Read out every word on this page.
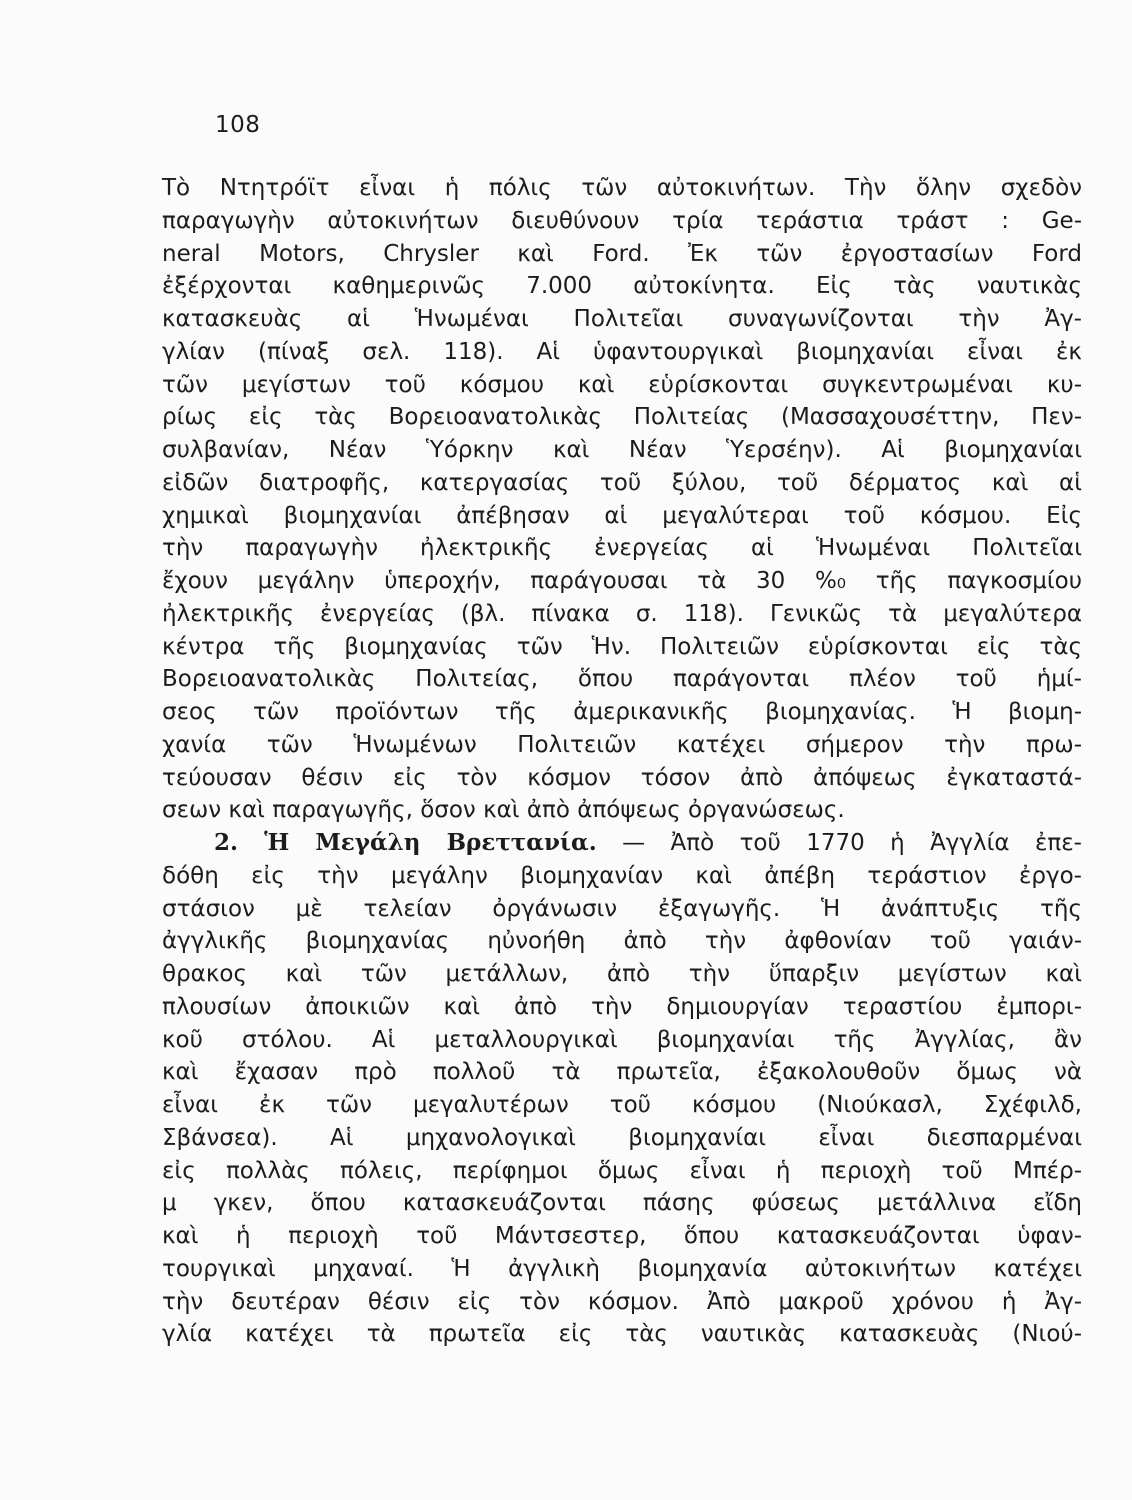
108
Τὸ Ντητρόϊτ εἶναι ἡ πόλις τῶν αὐτοκινήτων. Τὴν ὅλην σχεδὸν
παραγωγὴν αὐτοκινήτων διευθύνουν τρία τεράστια τράστ : Ge-
neral Motors, Chrysler καὶ Ford. Ἐκ τῶν ἐργοστασίων Ford
ἐξέρχονται καθημερινῶς 7.000 αὐτοκίνητα. Εἰς τὰς ναυτικὰς
κατασκευὰς αἱ Ἡνωμέναι Πολιτεῖαι συναγωνίζονται τὴν Ἀγ-
γλίαν (πίναξ σελ. 118). Αἱ ὑφαντουργικαὶ βιομηχανίαι εἶναι ἐκ
τῶν μεγίστων τοῦ κόσμου καὶ εὑρίσκονται συγκεντρωμέναι κυ-
ρίως εἰς τὰς Βορειοανατολικὰς Πολιτείας (Μασσαχουσέττην, Πεν-
συλβανίαν, Νέαν Ὑόρκην καὶ Νέαν Ὑερσέην). Αἱ βιομηχανίαι
εἰδῶν διατροφῆς, κατεργασίας τοῦ ξύλου, τοῦ δέρματος καὶ αἱ
χημικαὶ βιομηχανίαι ἀπέβησαν αἱ μεγαλύτεραι τοῦ κόσμου. Εἰς
τὴν παραγωγὴν ἠλεκτρικῆς ἐνεργείας αἱ Ἡνωμέναι Πολιτεῖαι
ἔχουν μεγάλην ὑπεροχήν, παράγουσαι τὰ 30 %₀ τῆς παγκοσμίου
ἠλεκτρικῆς ἐνεργείας (βλ. πίνακα σ. 118). Γενικῶς τὰ μεγαλύτερα
κέντρα τῆς βιομηχανίας τῶν Ἡν. Πολιτειῶν εὑρίσκονται εἰς τὰς
Βορειοανατολικὰς Πολιτείας, ὅπου παράγονται πλέον τοῦ ἡμί-
σεος τῶν προϊόντων τῆς ἀμερικανικῆς βιομηχανίας. Ἡ βιομη-
χανία τῶν Ἡνωμένων Πολιτειῶν κατέχει σήμερον τὴν πρω-
τεύουσαν θέσιν εἰς τὸν κόσμον τόσον ἀπὸ ἀπόψεως ἐγκαταστά-
σεων καὶ παραγωγῆς, ὅσον καὶ ἀπὸ ἀπόψεως ὀργανώσεως.
2. Ἡ Μεγάλη Βρεττανία. — Ἀπὸ τοῦ 1770 ἡ Ἀγγλία ἐπε-
δόθη εἰς τὴν μεγάλην βιομηχανίαν καὶ ἀπέβη τεράστιον ἐργο-
στάσιον μὲ τελείαν ὀργάνωσιν ἐξαγωγῆς. Ἡ ἀνάπτυξις τῆς
ἀγγλικῆς βιομηχανίας ηὐνοήθη ἀπὸ τὴν ἀφθονίαν τοῦ γαιάν-
θρακος καὶ τῶν μετάλλων, ἀπὸ τὴν ὕπαρξιν μεγίστων καὶ
πλουσίων ἀποικιῶν καὶ ἀπὸ τὴν δημιουργίαν τεραστίου ἐμπορι-
κοῦ στόλου. Αἱ μεταλλουργικαὶ βιομηχανίαι τῆς Ἀγγλίας, ἂν
καὶ ἔχασαν πρὸ πολλοῦ τὰ πρωτεῖα, ἐξακολουθοῦν ὅμως νὰ
εἶναι ἐκ τῶν μεγαλυτέρων τοῦ κόσμου (Νιούκασλ, Σχέφιλδ,
Σβάνσεα). Αἱ μηχανολογικαὶ βιομηχανίαι εἶναι διεσπαρμέναι
εἰς πολλὰς πόλεις, περίφημοι ὅμως εἶναι ἡ περιοχὴ τοῦ Μπέρ-
μ γκεν, ὅπου κατασκευάζονται πάσης φύσεως μετάλλινα εἴδη
καὶ ἡ περιοχὴ τοῦ Μάντσεστερ, ὅπου κατασκευάζονται ὑφαν-
τουργικαὶ μηχαναί. Ἡ ἀγγλικὴ βιομηχανία αὐτοκινήτων κατέχει
τὴν δευτέραν θέσιν εἰς τὸν κόσμον. Ἀπὸ μακροῦ χρόνου ἡ Ἀγ-
γλία κατέχει τὰ πρωτεῖα εἰς τὰς ναυτικὰς κατασκευὰς (Νιού-
